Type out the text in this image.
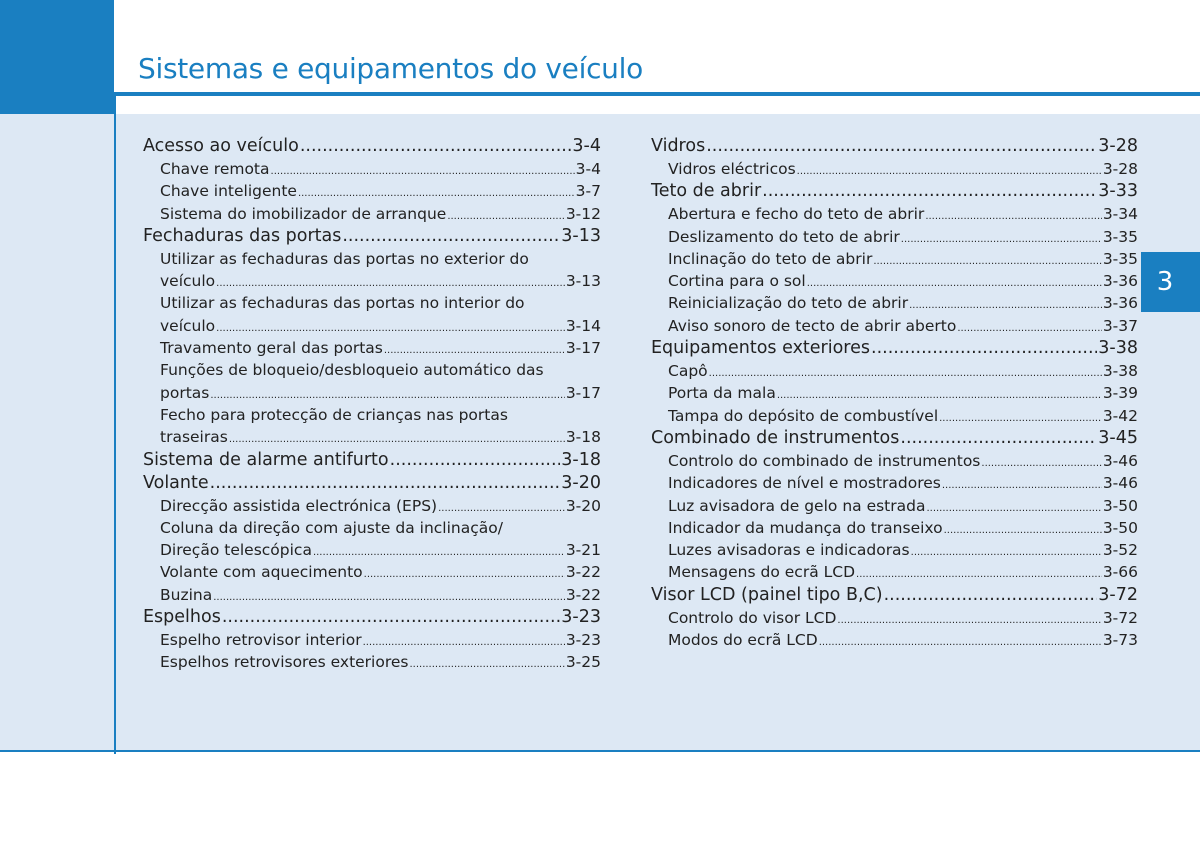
Sistemas e equipamentos do veículo
3
Acesso ao veículo .....	3-4
Chave remota .....	3-4
Chave inteligente .....	3-7
Sistema do imobilizador de arranque .....	3-12
Fechaduras das portas .....	3-13
Utilizar as fechaduras das portas no exterior do
veículo .....	3-13
Utilizar as fechaduras das portas no interior do
veículo .....	3-14
Travamento geral das portas .....	3-17
Funções de bloqueio/desbloqueio automático das
portas .....	3-17
Fecho para protecção de crianças nas portas
traseiras .....	3-18
Sistema de alarme antifurto .....	3-18
Volante .....	3-20
Direcção assistida electrónica (EPS) .....	3-20
Coluna da direção com ajuste da inclinação/
Direção telescópica .....	3-21
Volante com aquecimento .....	3-22
Buzina .....	3-22
Espelhos .....	3-23
Espelho retrovisor interior .....	3-23
Espelhos retrovisores exteriores .....	3-25
Vidros .....	3-28
Vidros eléctricos .....	3-28
Teto de abrir .....	3-33
Abertura e fecho do teto de abrir .....	3-34
Deslizamento do teto de abrir .....	3-35
Inclinação do teto de abrir .....	3-35
Cortina para o sol .....	3-36
Reinicialização do teto de abrir .....	3-36
Aviso sonoro de tecto de abrir aberto .....	3-37
Equipamentos exteriores .....	3-38
Capô .....	3-38
Porta da mala .....	3-39
Tampa do depósito de combustível .....	3-42
Combinado de instrumentos .....	3-45
Controlo do combinado de instrumentos .....	3-46
Indicadores de nível e mostradores .....	3-46
Luz avisadora de gelo na estrada .....	3-50
Indicador da mudança do transeixo .....	3-50
Luzes avisadoras e indicadoras .....	3-52
Mensagens do ecrã LCD .....	3-66
Visor LCD (painel tipo B,C) .....	3-72
Controlo do visor LCD .....	3-72
Modos do ecrã LCD .....	3-73
